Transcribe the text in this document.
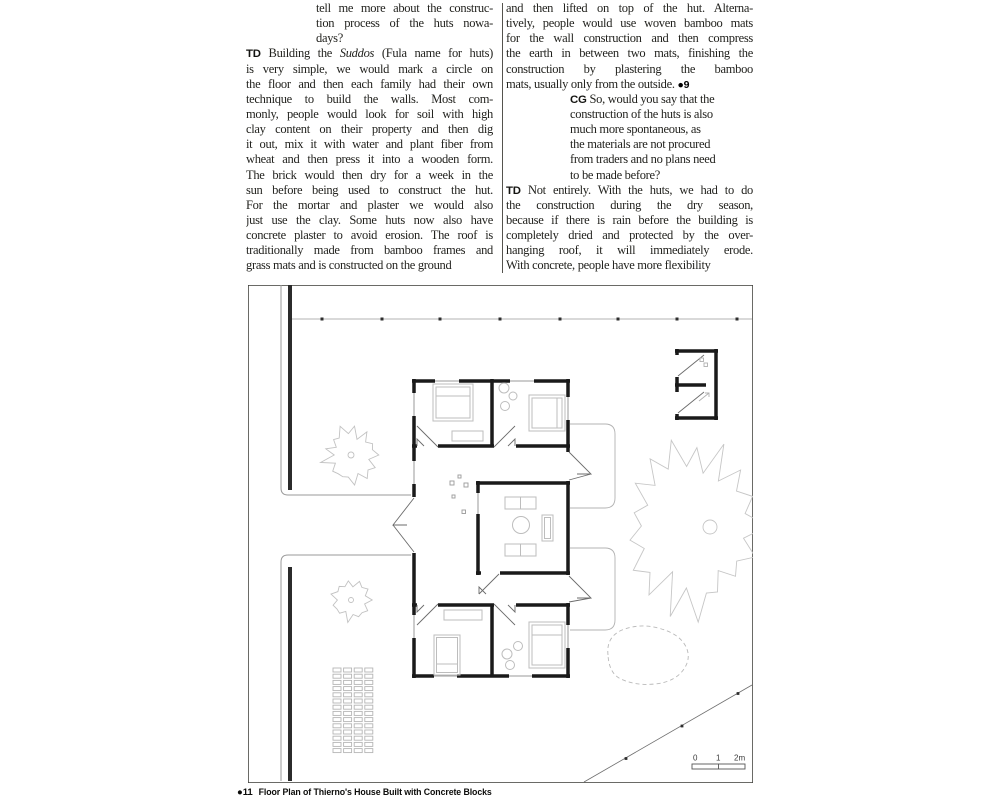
tell me more about the construc-
tion process of the huts nowa-
days?
TD Building the Suddos (Fula name for huts)
is very simple, we would mark a circle on
the floor and then each family had their own
technique to build the walls. Most com-
monly, people would look for soil with high
clay content on their property and then dig
it out, mix it with water and plant fiber from
wheat and then press it into a wooden form.
The brick would then dry for a week in the
sun before being used to construct the hut.
For the mortar and plaster we would also
just use the clay. Some huts now also have
concrete plaster to avoid erosion. The roof is
traditionally made from bamboo frames and
grass mats and is constructed on the ground
and then lifted on top of the hut. Alterna-
tively, people would use woven bamboo mats
for the wall construction and then compress
the earth in between two mats, finishing the
construction by plastering the bamboo
mats, usually only from the outside. ●9
CG So, would you say that the
construction of the huts is also
much more spontaneous, as
the materials are not procured
from traders and no plans need
to be made before?
TD Not entirely. With the huts, we had to do
the construction during the dry season,
because if there is rain before the building is
completely dried and protected by the over-
hanging roof, it will immediately erode.
With concrete, people have more flexibility
0 1 2m
●11 Floor Plan of Thierno's House Built with Concrete Blocks
